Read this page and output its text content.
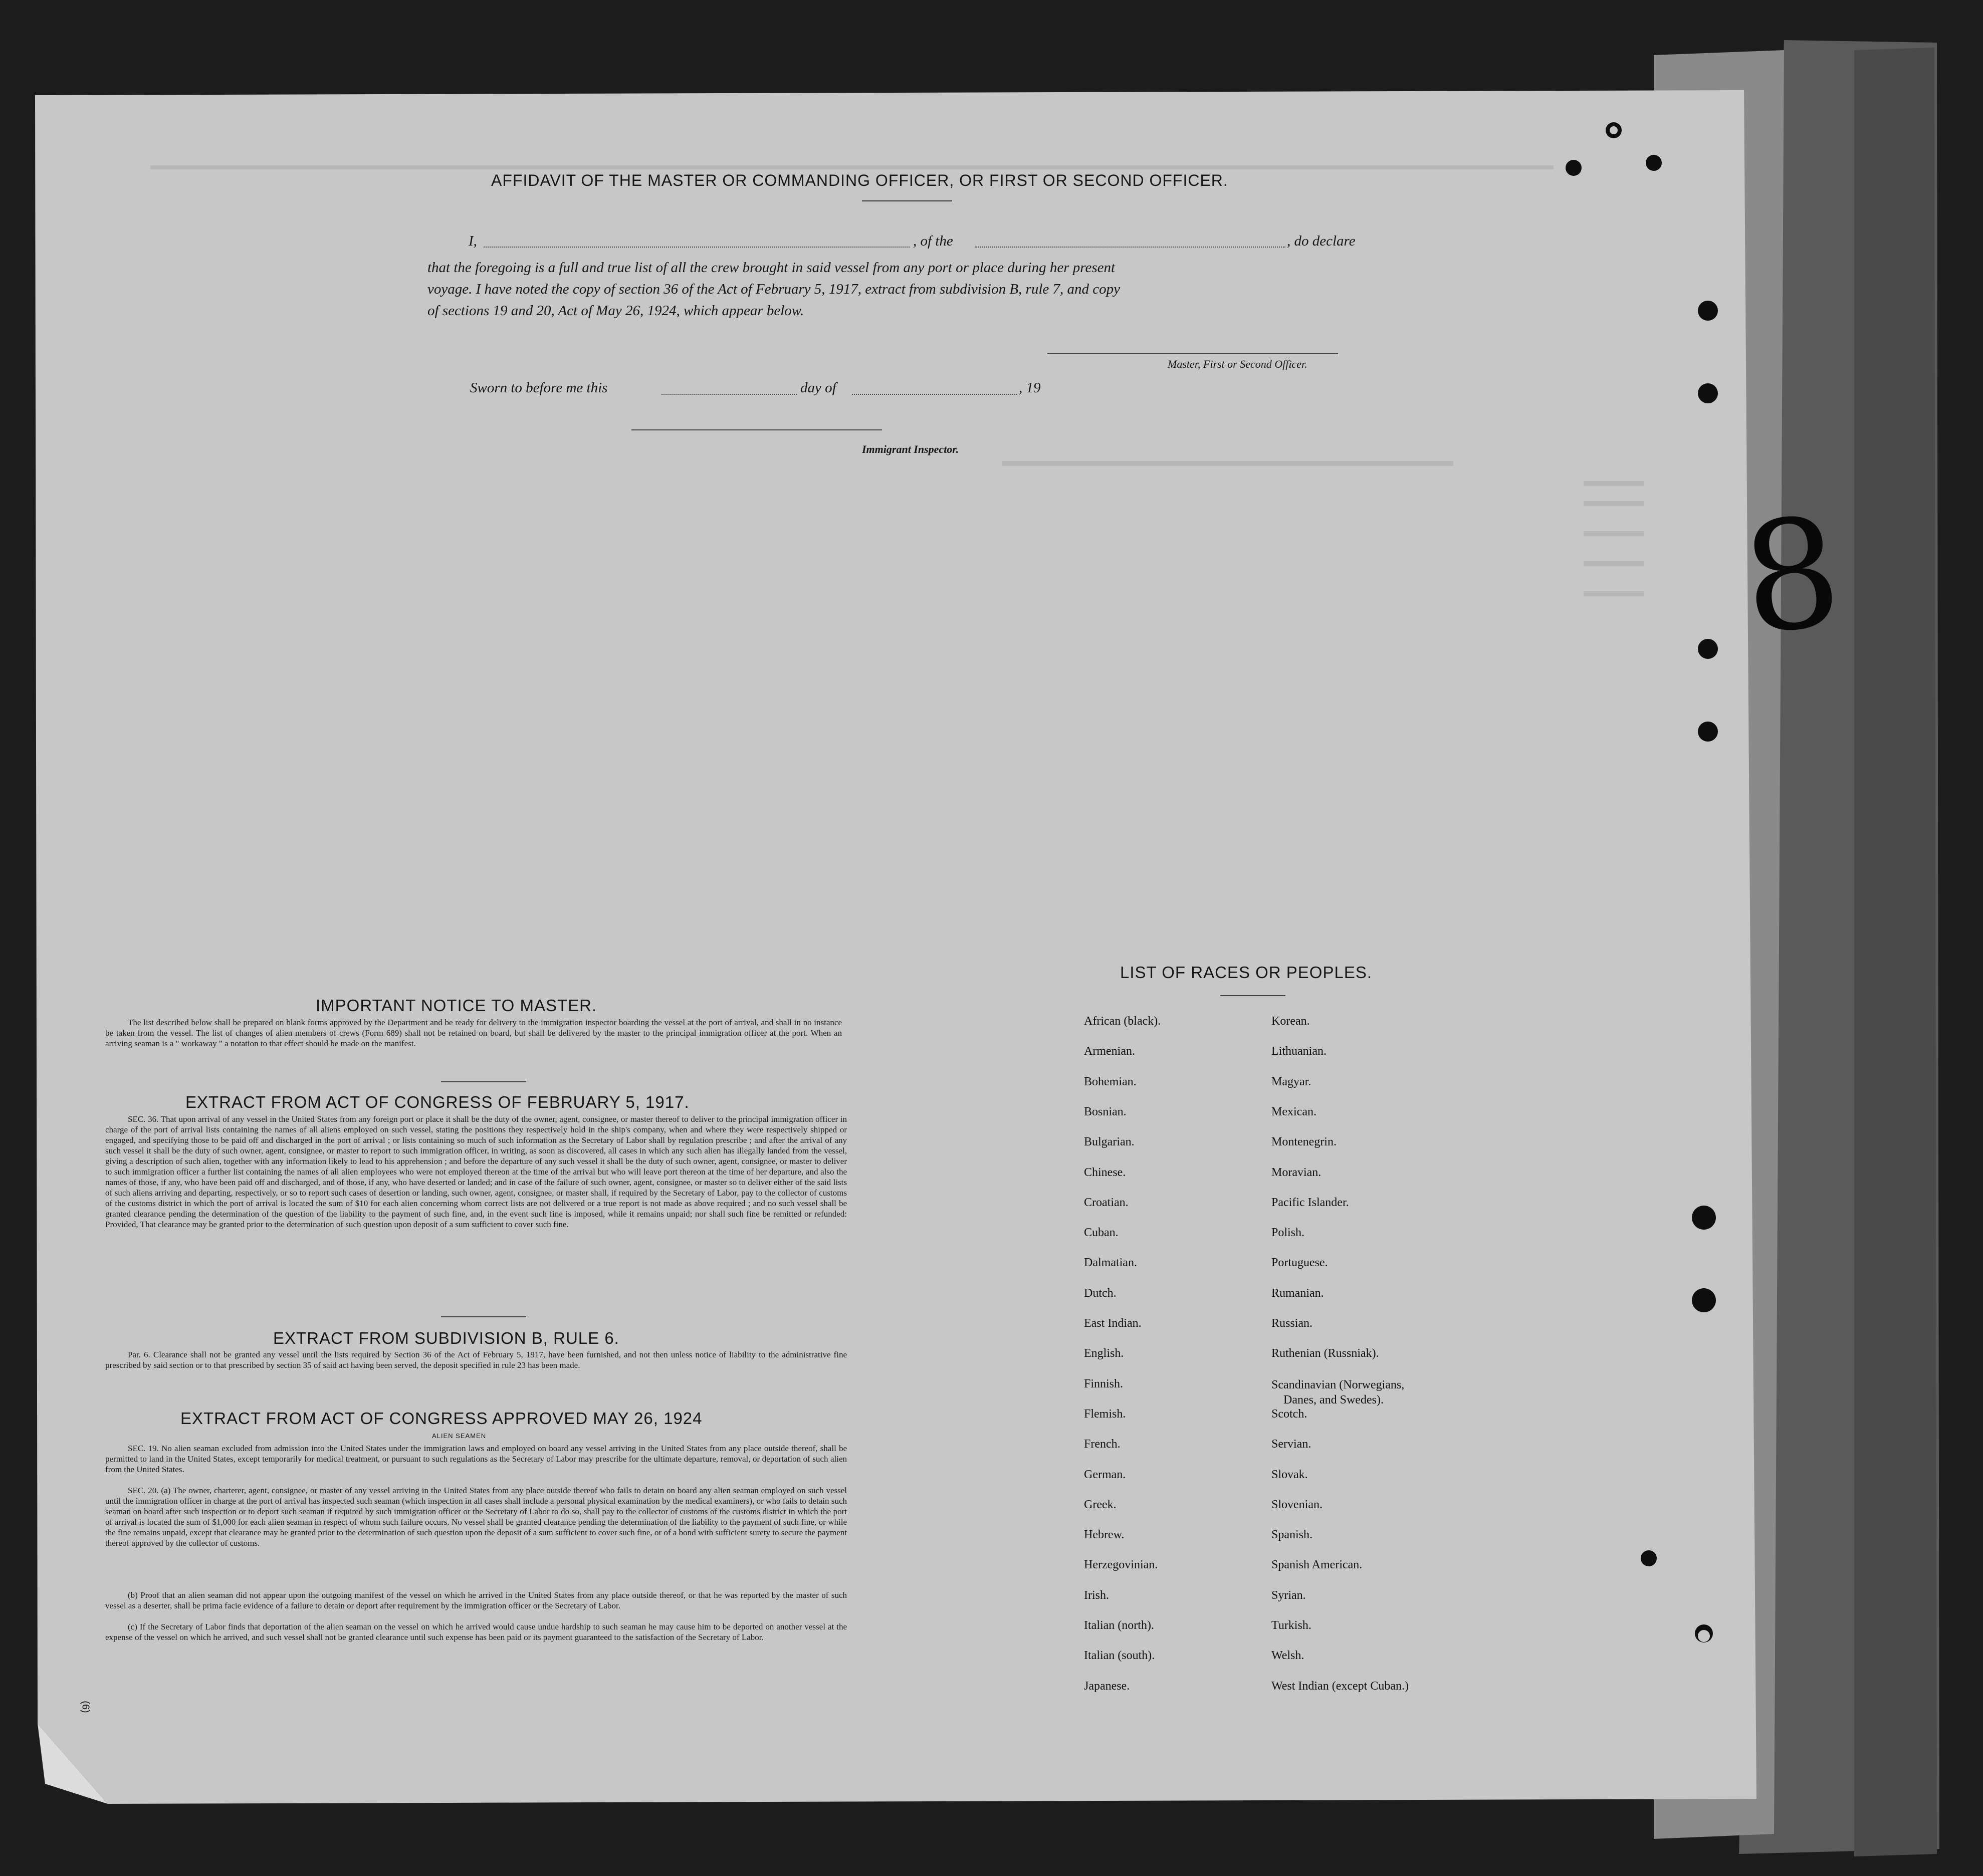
AFFIDAVIT OF THE MASTER OR COMMANDING OFFICER, OR FIRST OR SECOND OFFICER.
I,	, of the	, do declare
that the foregoing is a full and true list of all the crew brought in said vessel from any port or place during her present
voyage. I have noted the copy of section 36 of the Act of February 5, 1917, extract from subdivision B, rule 7, and copy
of sections 19 and 20, Act of May 26, 1924, which appear below.
Master, First or Second Officer.
Sworn to before me this	day of	, 19
Immigrant Inspector.
IMPORTANT NOTICE TO MASTER.
The list described below shall be prepared on blank forms approved by the Department and be ready for delivery to the immigration inspector boarding the vessel at the port of arrival, and shall in no instance be taken from the vessel. The list of changes of alien members of crews (Form 689) shall not be retained on board, but shall be delivered by the master to the principal immigration officer at the port. When an arriving seaman is a " workaway " a notation to that effect should be made on the manifest.
EXTRACT FROM ACT OF CONGRESS OF FEBRUARY 5, 1917.
SEC. 36. That upon arrival of any vessel in the United States from any foreign port or place it shall be the duty of the owner, agent, consignee, or master thereof to deliver to the principal immigration officer in charge of the port of arrival lists containing the names of all aliens employed on such vessel, stating the positions they respectively hold in the ship's company, when and where they were respectively shipped or engaged, and specifying those to be paid off and discharged in the port of arrival ; or lists containing so much of such information as the Secretary of Labor shall by regulation prescribe ; and after the arrival of any such vessel it shall be the duty of such owner, agent, consignee, or master to report to such immigration officer, in writing, as soon as discovered, all cases in which any such alien has illegally landed from the vessel, giving a description of such alien, together with any information likely to lead to his apprehension ; and before the departure of any such vessel it shall be the duty of such owner, agent, consignee, or master to deliver to such immigration officer a further list containing the names of all alien employees who were not employed thereon at the time of the arrival but who will leave port thereon at the time of her departure, and also the names of those, if any, who have been paid off and discharged, and of those, if any, who have deserted or landed; and in case of the failure of such owner, agent, consignee, or master so to deliver either of the said lists of such aliens arriving and departing, respectively, or so to report such cases of desertion or landing, such owner, agent, consignee, or master shall, if required by the Secretary of Labor, pay to the collector of customs of the customs district in which the port of arrival is located the sum of $10 for each alien concerning whom correct lists are not delivered or a true report is not made as above required ; and no such vessel shall be granted clearance pending the determination of the question of the liability to the payment of such fine, and, in the event such fine is imposed, while it remains unpaid; nor shall such fine be remitted or refunded: Provided, That clearance may be granted prior to the determination of such question upon deposit of a sum sufficient to cover such fine.
EXTRACT FROM SUBDIVISION B, RULE 6.
Par. 6. Clearance shall not be granted any vessel until the lists required by Section 36 of the Act of February 5, 1917, have been furnished, and not then unless notice of liability to the administrative fine prescribed by said section or to that prescribed by section 35 of said act having been served, the deposit specified in rule 23 has been made.
EXTRACT FROM ACT OF CONGRESS APPROVED MAY 26, 1924
ALIEN SEAMEN
SEC. 19. No alien seaman excluded from admission into the United States under the immigration laws and employed on board any vessel arriving in the United States from any place outside thereof, shall be permitted to land in the United States, except temporarily for medical treatment, or pursuant to such regulations as the Secretary of Labor may prescribe for the ultimate departure, removal, or deportation of such alien from the United States.
SEC. 20. (a) The owner, charterer, agent, consignee, or master of any vessel arriving in the United States from any place outside thereof who fails to detain on board any alien seaman employed on such vessel until the immigration officer in charge at the port of arrival has inspected such seaman (which inspection in all cases shall include a personal physical examination by the medical examiners), or who fails to detain such seaman on board after such inspection or to deport such seaman if required by such immigration officer or the Secretary of Labor to do so, shall pay to the collector of customs of the customs district in which the port of arrival is located the sum of $1,000 for each alien seaman in respect of whom such failure occurs. No vessel shall be granted clearance pending the determination of the liability to the payment of such fine, or while the fine remains unpaid, except that clearance may be granted prior to the determination of such question upon the deposit of a sum sufficient to cover such fine, or of a bond with sufficient surety to secure the payment thereof approved by the collector of customs.
(b) Proof that an alien seaman did not appear upon the outgoing manifest of the vessel on which he arrived in the United States from any place outside thereof, or that he was reported by the master of such vessel as a deserter, shall be prima facie evidence of a failure to detain or deport after requirement by the immigration officer or the Secretary of Labor.
(c) If the Secretary of Labor finds that deportation of the alien seaman on the vessel on which he arrived would cause undue hardship to such seaman he may cause him to be deported on another vessel at the expense of the vessel on which he arrived, and such vessel shall not be granted clearance until such expense has been paid or its payment guaranteed to the satisfaction of the Secretary of Labor.
LIST OF RACES OR PEOPLES.
African (black).
Armenian.
Bohemian.
Bosnian.
Bulgarian.
Chinese.
Croatian.
Cuban.
Dalmatian.
Dutch.
East Indian.
English.
Finnish.
Flemish.
French.
German.
Greek.
Hebrew.
Herzegovinian.
Irish.
Italian (north).
Italian (south).
Japanese.
Korean.
Lithuanian.
Magyar.
Mexican.
Montenegrin.
Moravian.
Pacific Islander.
Polish.
Portuguese.
Rumanian.
Russian.
Ruthenian (Russniak).
Scandinavian (Norwegians,
Danes, and Swedes).
Scotch.
Servian.
Slovak.
Slovenian.
Spanish.
Spanish American.
Syrian.
Turkish.
Welsh.
West Indian (except Cuban.)
8
(6)
